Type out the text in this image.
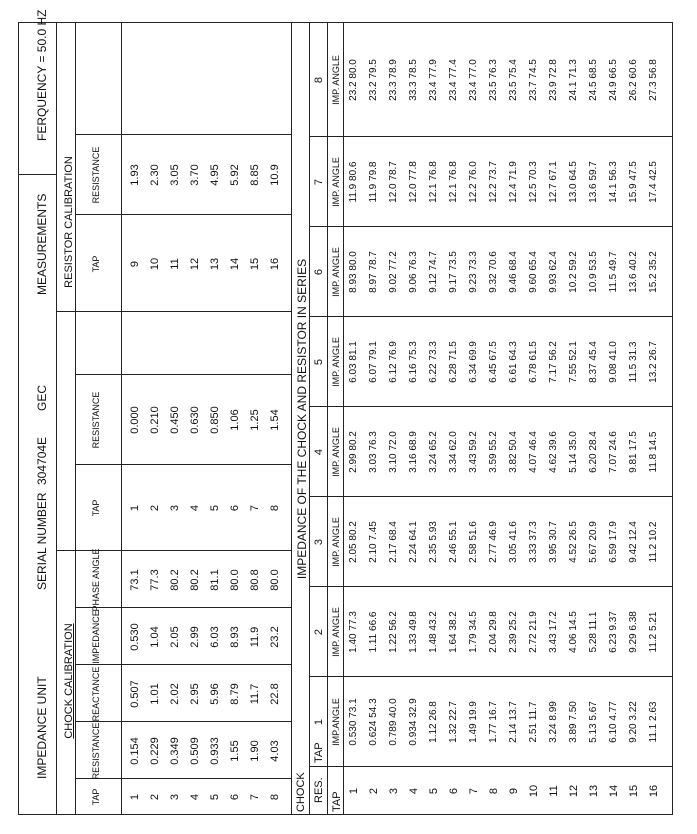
IMPEDANCE UNIT
SERIAL NUMBER
304704E
GEC
MEASUREMENTS
FERQUENCY = 50.0 HZ
CHOCK CALIBRATION
RESISTOR CALIBRATION
TAP
RESISTANCE
REACTANCE
IMPEDANCE
PHASE ANGLE
1
0.154
0.507
0.530
73.1
2
0.229
1.01
1.04
77.3
3
0.349
2.02
2.05
80.2
4
0.509
2.95
2.99
80.2
5
0.933
5.96
6.03
81.1
6
1.55
8.79
8.93
80.0
7
1.90
11.7
11.9
80.8
8
4.03
22.8
23.2
80.0
TAP
RESISTANCE
TAP
RESISTANCE
1
0.000
2
0.210
3
0.450
4
0.630
5
0.850
6
1.06
7
1.25
8
1.54
9
1.93
10
2.30
11
3.05
12
3.70
13
4.95
14
5.92
15
8.85
16
10.9
IMPEDANCE OF THE CHOCK AND RESISTOR IN SERIES
CHOCK
TAP
RES. TAP
1
2
3
4
5
6
7
8
IMP.ANGLE
IMP. ANGLE
IMP. ANGLE
IMP. ANGLE
IMP. ANGLE
IMP. ANGLE
IMP. ANGLE
IMP. ANGLE
1
0.530 73.1
1.40 77.3
2.05 80.2
2.99 80.2
6.03 81.1
8.93 80.0
11.9 80.6
23.2 80.0
2
0.624 54.3
1.11 66.6
2.10 7.45
3.03 76.3
6.07 79.1
8.97 78.7
11.9 79.8
23.2 79.5
3
0.789 40.0
1.22 56.2
2.17 68.4
3.10 72.0
6.12 76.9
9.02 77.2
12.0 78.7
23.3 78.9
4
0.934 32.9
1.33 49.8
2.24 64.1
3.16 68.9
6.16 75.3
9.06 76.3
12.0 77.8
33.3 78.5
5
1.12 26.8
1.48 43.2
2.35 5.93
3.24 65.2
6.22 73.3
9.12 74.7
12.1 76.8
23.4 77.9
6
1.32 22.7
1.64 38.2
2.46 55.1
3.34 62.0
6.28 71.5
9.17 73.5
12.1 76.8
23.4 77.4
7
1.49 19.9
1.79 34.5
2.58 51.6
3.43 59.2
6.34 69.9
9.23 73.3
12.2 76.0
23.4 77.0
8
1.77 16.7
2.04 29.8
2.77 46.9
3.59 55.2
6.45 67.5
9.32 70.6
12.2 73.7
23.5 76.3
9
2.14 13.7
2.39 25.2
3.05 41.6
3.82 50.4
6.61 64.3
9.46 68.4
12.4 71.9
23.5 75.4
10
2.51 11.7
2.72 21.9
3.33 37.3
4.07 46.4
6.78 61.5
9.60 65.4
12.5 70.3
23.7 74.5
11
3.24 8.99
3.43 17.2
3.95 30.7
4.62 39.6
7.17 56.2
9.93 62.4
12.7 67.1
23.9 72.8
12
3.89 7.50
4.06 14.5
4.52 26.5
5.14 35.0
7.55 52.1
10.2 59.2
13.0 64.5
24.1 71.3
13
5.13 5.67
5.28 11.1
5.67 20.9
6.20 28.4
8.37 45.4
10.9 53.5
13.6 59.7
24.5 68.5
14
6.10 4.77
6.23 9.37
6.59 17.9
7.07 24.6
9.08 41.0
11.5 49.7
14.1 56.3
24.9 66.5
15
9.20 3.22
9.29 6.38
9.42 12.4
9.81 17.5
11.5 31.3
13.6 40.2
15.9 47.5
26.2 60.6
16
11.1 2.63
11.2 5.21
11.2 10.2
11.8 14.5
13.2 26.7
15.2 35.2
17.4 42.5
27.3 56.8
